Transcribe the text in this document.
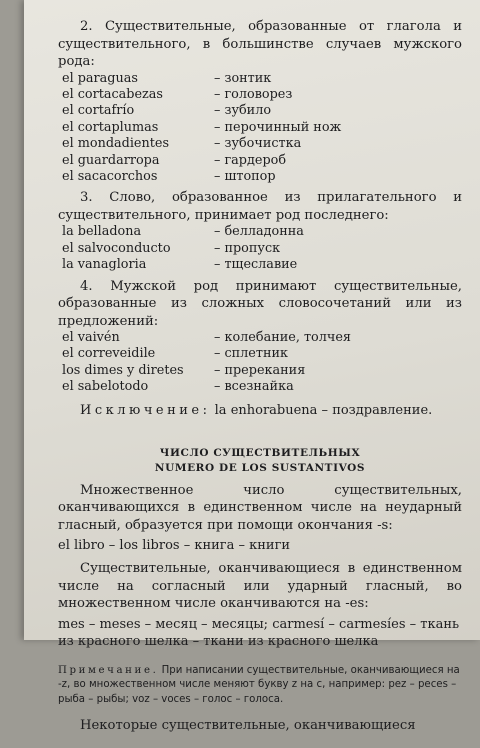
2. Существительные, образованные от глагола и существительного, в большинстве случаев мужского рода:

el paraguas	– зонтик
el cortacabezas	– головорез
el cortafrío	– зубило
el cortaplumas	– перочинный нож
el mondadientes	– зубочистка
el guardarropa	– гардероб
el sacacorchos	– штопор

3. Слово, образованное из прилагательного и существительного, принимает род последнего:

la belladona	– белладонна
el salvoconducto	– пропуск
la vanagloria	– тщеславие

4. Мужской род принимают существительные, образованные из сложных словосочетаний или из предложений:

el vaivén	– колебание, толчея
el correveidile	– сплетник
los dimes y diretes	– пререкания
el sabelotodo	– всезнайка

Исключение: la enhorabuena – поздравление.

ЧИСЛО СУЩЕСТВИТЕЛЬНЫХ
NUMERO DE LOS SUSTANTIVOS

Множественное число существительных, оканчивающихся в единственном числе на неударный гласный, образуется при помощи окончания -s:

el libro – los libros – книга – книги

Существительные, оканчивающиеся в единственном числе на согласный или ударный гласный, во множественном числе оканчиваются на -es:

mes – meses – месяц – месяцы; carmesí – carmesíes – ткань из красного шелка – ткани из красного шелка

Примечание. При написании существительные, оканчивающиеся на -z, во множественном числе меняют букву z на c, например: pez – peces – рыба – рыбы; voz – voces – голос – голоса.

Некоторые существительные, оканчивающиеся
